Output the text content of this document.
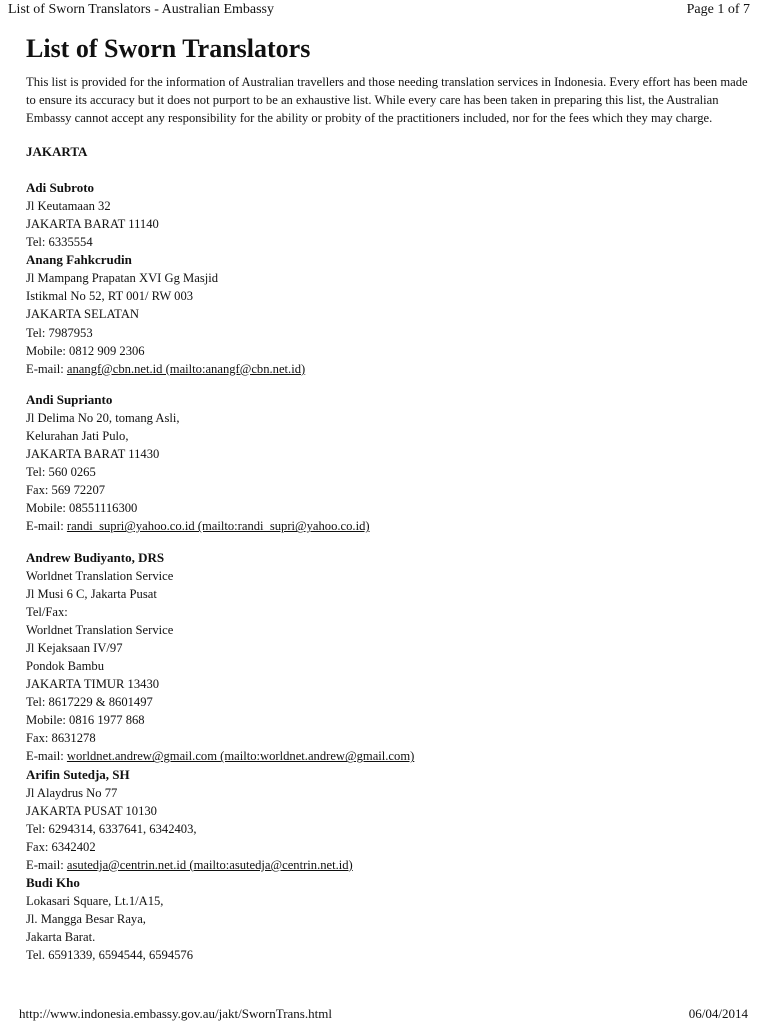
List of Sworn Translators - Australian Embassy	Page 1 of 7
List of Sworn Translators

This list is provided for the information of Australian travellers and those needing translation services in Indonesia. Every effort has been made to ensure its accuracy but it does not purport to be an exhaustive list. While every care has been taken in preparing this list, the Australian Embassy cannot accept any responsibility for the ability or probity of the practitioners included, nor for the fees which they may charge.

JAKARTA
Adi Subroto
Jl Keutamaan 32
JAKARTA BARAT 11140
Tel: 6335554
Anang Fahkcrudin
Jl Mampang Prapatan XVI Gg Masjid
Istikmal No 52, RT 001/ RW 003
JAKARTA SELATAN
Tel: 7987953
Mobile: 0812 909 2306
E-mail: anangf@cbn.net.id (mailto:anangf@cbn.net.id)
Andi Suprianto
Jl Delima No 20, tomang Asli,
Kelurahan Jati Pulo,
JAKARTA BARAT 11430
Tel: 560 0265
Fax: 569 72207
Mobile: 08551116300
E-mail: randi_supri@yahoo.co.id (mailto:randi_supri@yahoo.co.id)
Andrew Budiyanto, DRS
Worldnet Translation Service
Jl Musi 6 C, Jakarta Pusat
Tel/Fax:
Worldnet Translation Service
Jl Kejaksaan IV/97
Pondok Bambu
JAKARTA TIMUR 13430
Tel: 8617229 & 8601497
Mobile: 0816 1977 868
Fax: 8631278
E-mail: worldnet.andrew@gmail.com (mailto:worldnet.andrew@gmail.com)
Arifin Sutedja, SH
Jl Alaydrus No 77
JAKARTA PUSAT 10130
Tel: 6294314, 6337641, 6342403,
Fax: 6342402
E-mail: asutedja@centrin.net.id (mailto:asutedja@centrin.net.id)
Budi Kho
Lokasari Square, Lt.1/A15,
Jl. Mangga Besar Raya,
Jakarta Barat.
Tel. 6591339, 6594544, 6594576
http://www.indonesia.embassy.gov.au/jakt/SwornTrans.html	06/04/2014
